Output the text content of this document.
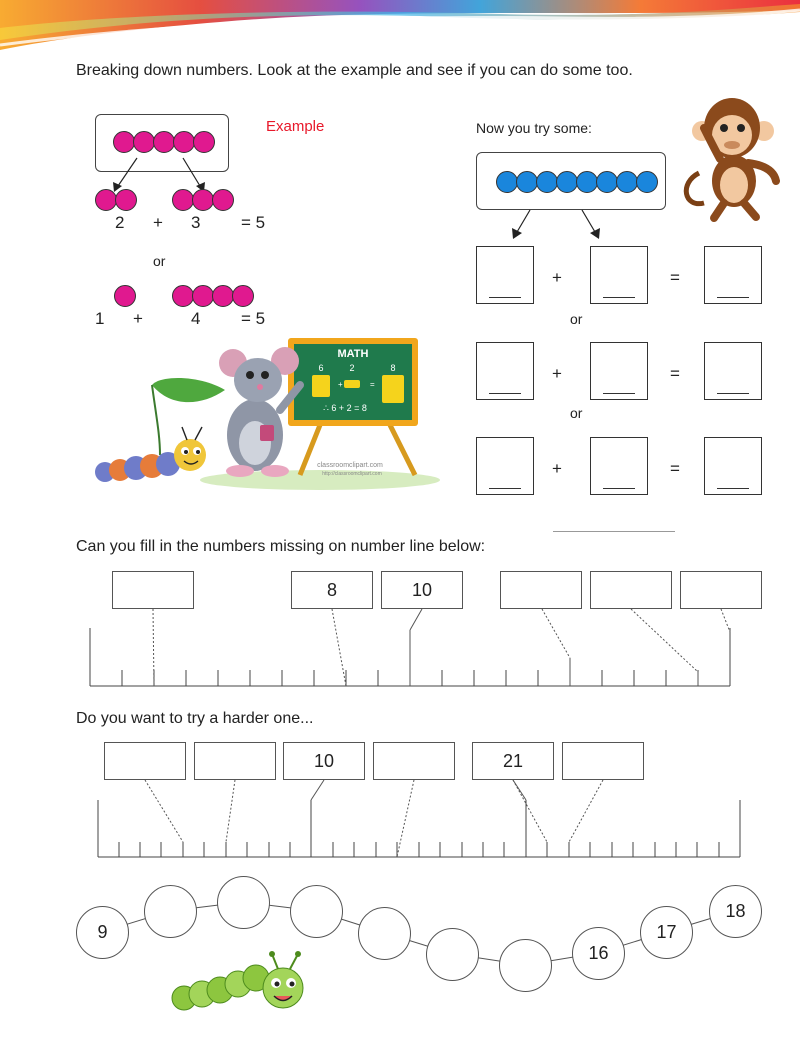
Breaking down numbers. Look at the example and see if you can do some too.
Example
2 + 3 = 5
or
1 +	4 = 5
MATH
6	2	8
+	=
∴ 6 + 2 = 8
classroomclipart.com
http://classroomclipart.com
Now you try some:
+	=
or
+	=
or
+	=
Can you fill in the numbers missing on number line below:
8	10
Do you want to try a harder one...
10	21
9
16
17
18
